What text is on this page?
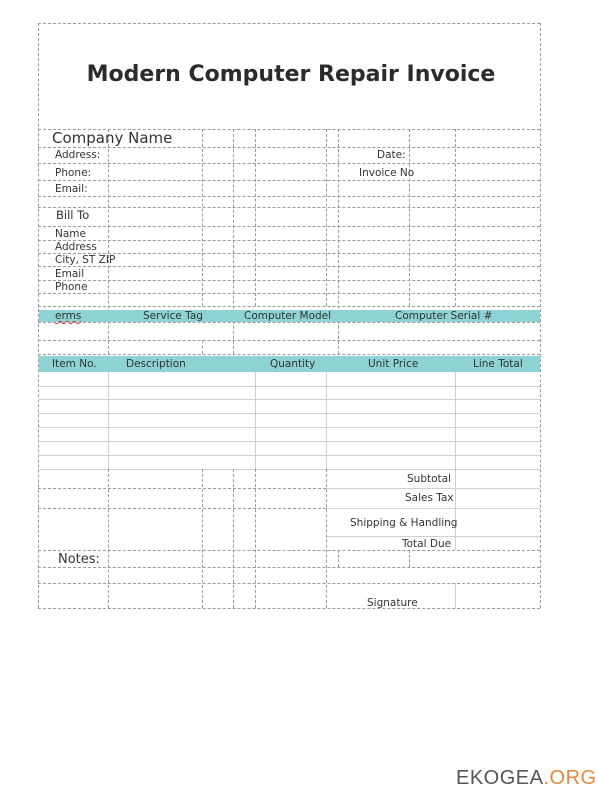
Modern Computer Repair Invoice
Company Name
Address:
Phone:
Email:
Date:
Invoice No
Bill To
Name
Address
City, ST ZIP
Email
Phone
erms	Service Tag	Computer Model	Computer Serial #
Item No.	Description	Quantity	Unit Price	Line Total
Subtotal
Sales Tax
Shipping & Handling
Total Due
Notes:
Signature
EKOGEA.ORG
